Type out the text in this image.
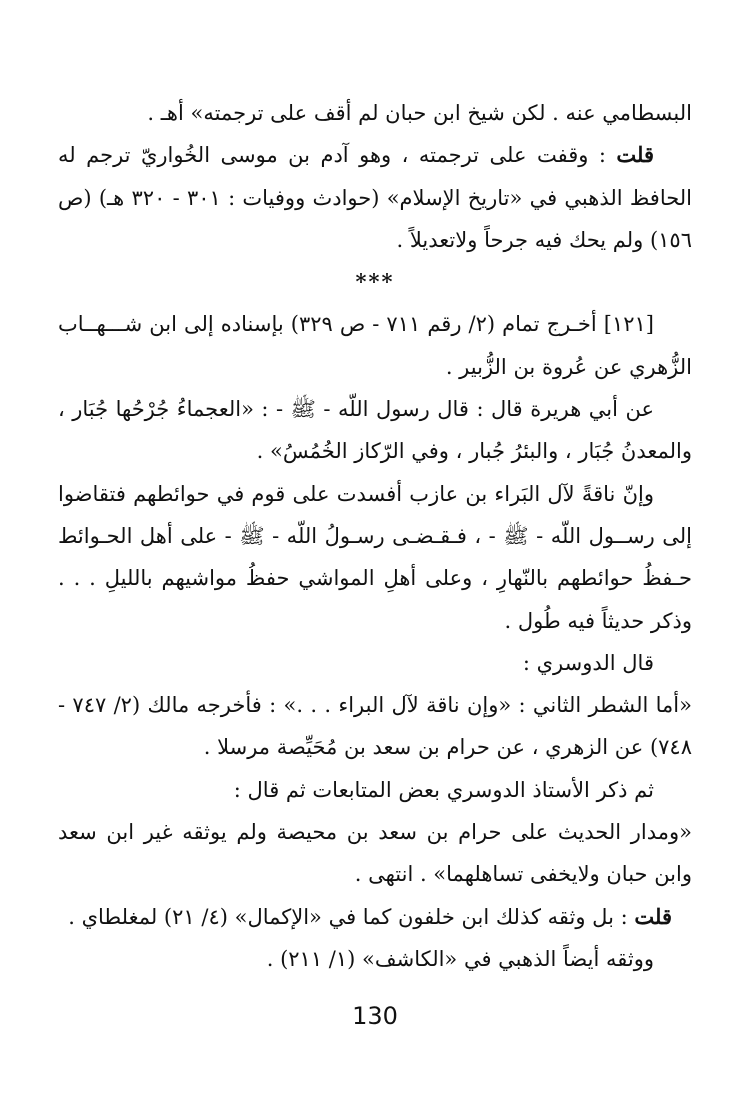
البسطامي عنه . لكن شيخ ابن حبان لم أقف على ترجمته» أهـ .

قلت : وقفت على ترجمته ، وهو آدم بن موسى الخُواريّ ترجم له الحافظ الذهبي في «تاريخ الإسلام» (حوادث ووفيات : ٣٠١ - ٣٢٠ هـ) (ص ١٥٦) ولم يحك فيه جرحاً ولاتعديلاً .

***

[١٢١] أخـرج تمام (٢/ رقم ٧١١ - ص ٣٢٩) بإسناده إلى ابن شـــهــاب الزُّهري عن عُروة بن الزُّبير .

عن أبي هريرة قال : قال رسول اللّه - ﷺ - : «العجماءُ جُرْحُها جُبَار ، والمعدنُ جُبَار ، والبئرُ جُبار ، وفي الرّكاز الخُمُسُ» .

وإنّ ناقةً لآل البَراء بن عازب أفسدت على قوم في حوائطهم فتقاضوا إلى رســول اللّه - ﷺ - ، فـقـضـى رسـولُ اللّه - ﷺ - على أهل الحـوائط حـفظُ حوائطهم بالنّهارِ ، وعلى أهلِ المواشي حفظُ مواشيهم بالليلِ . . . وذكر حديثاً فيه طُول .

قال الدوسري :

«أما الشطر الثاني : «وإن ناقة لآل البراء . . .» : فأخرجه مالك (٢/ ٧٤٧ - ٧٤٨) عن الزهري ، عن حرام بن سعد بن مُحَيِّصة مرسلا .

ثم ذكر الأستاذ الدوسري بعض المتابعات ثم قال :

«ومدار الحديث على حرام بن سعد بن محيصة ولم يوثقه غير ابن سعد وابن حبان ولايخفى تساهلهما» . انتهى .

قلت : بل وثقه كذلك ابن خلفون كما في «الإكمال» (٤/ ٢١) لمغلطاي .

ووثقه أيضاً الذهبي في «الكاشف» (١/ ٢١١) .

130
